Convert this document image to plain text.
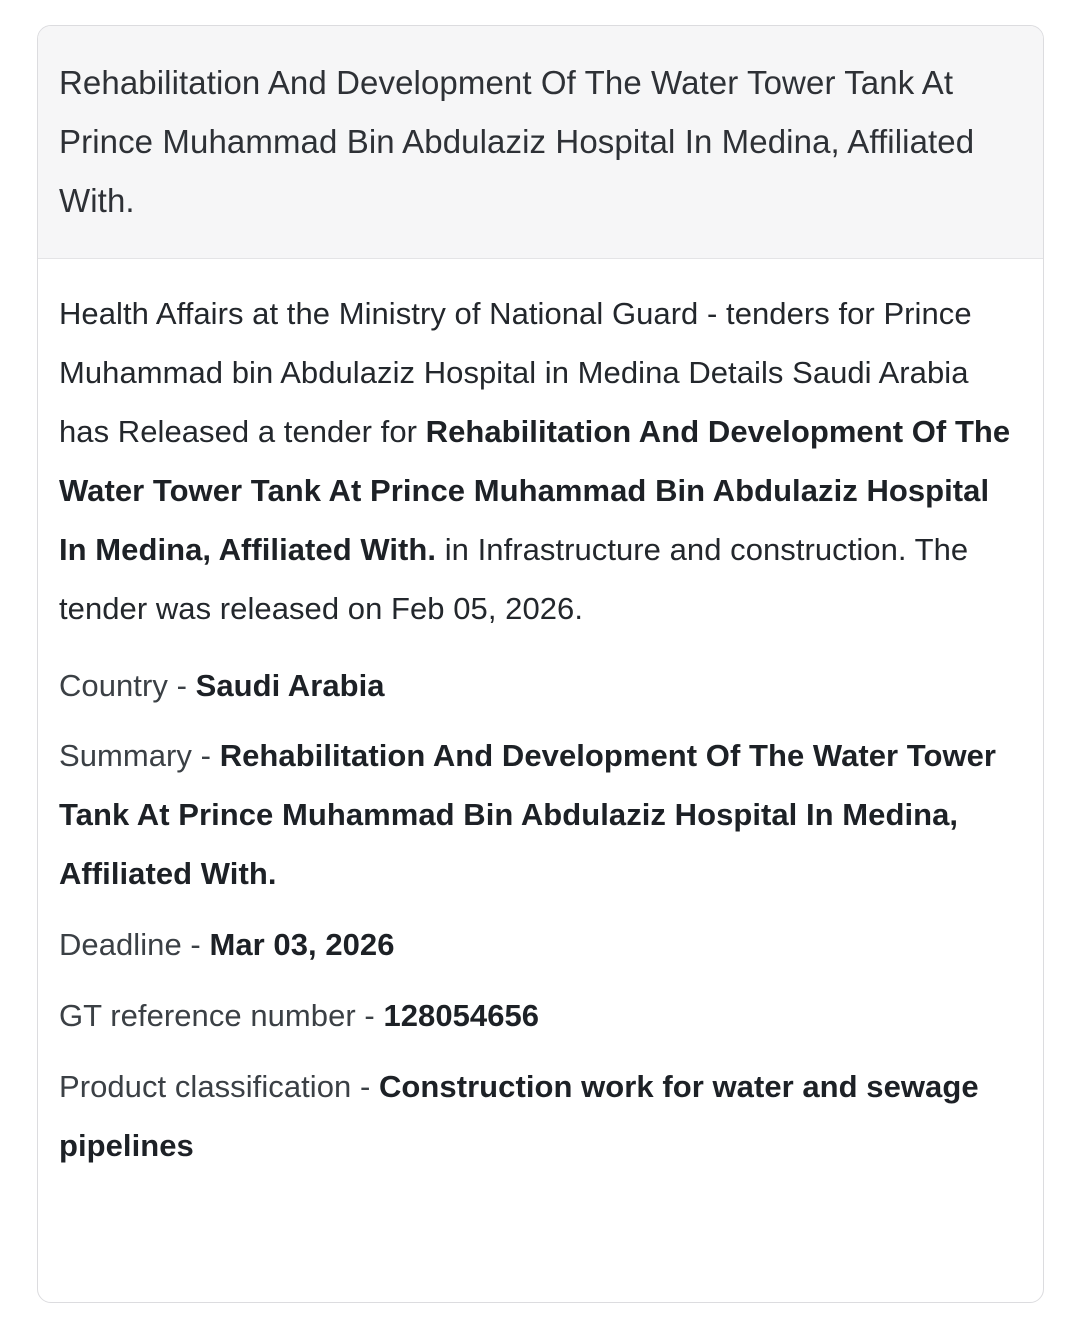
Rehabilitation And Development Of The Water Tower Tank At Prince Muhammad Bin Abdulaziz Hospital In Medina, Affiliated With.

Health Affairs at the Ministry of National Guard - tenders for Prince Muhammad bin Abdulaziz Hospital in Medina Details Saudi Arabia has Released a tender for Rehabilitation And Development Of The Water Tower Tank At Prince Muhammad Bin Abdulaziz Hospital In Medina, Affiliated With. in Infrastructure and construction. The tender was released on Feb 05, 2026.

Country - Saudi Arabia
Summary - Rehabilitation And Development Of The Water Tower Tank At Prince Muhammad Bin Abdulaziz Hospital In Medina, Affiliated With.
Deadline - Mar 03, 2026
GT reference number - 128054656
Product classification - Construction work for water and sewage pipelines
